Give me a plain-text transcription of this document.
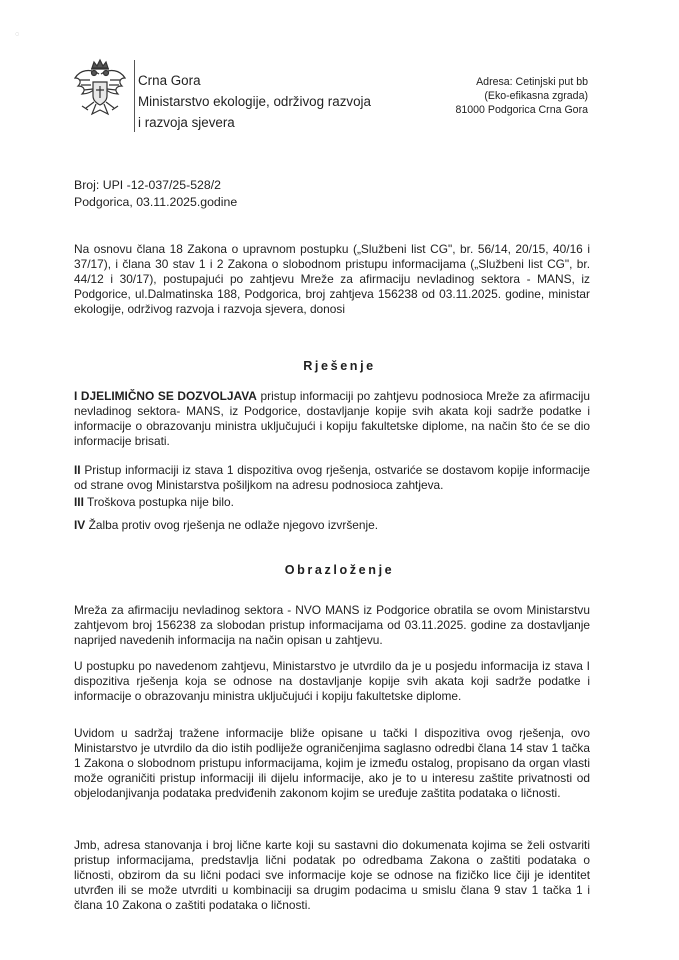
◌
Crna Gora
Ministarstvo ekologije, održivog razvoja
i razvoja sjevera
Adresa: Cetinjski put bb
(Eko-efikasna zgrada)
81000 Podgorica Crna Gora
Broj: UPI -12-037/25-528/2
Podgorica, 03.11.2025.godine
Na osnovu člana 18 Zakona o upravnom postupku („Službeni list CG", br. 56/14, 20/15, 40/16 i 37/17), i člana 30 stav 1 i 2 Zakona o slobodnom pristupu informacijama („Službeni list CG", br. 44/12 i 30/17), postupajući po zahtjevu Mreže za afirmaciju nevladinog sektora - MANS, iz Podgorice, ul.Dalmatinska 188, Podgorica, broj zahtjeva 156238 od 03.11.2025. godine, ministar ekologije, održivog razvoja i razvoja sjevera, donosi
Rješenje
I DJELIMIČNO SE DOZVOLJAVA pristup informaciji po zahtjevu podnosioca Mreže za afirmaciju nevladinog sektora- MANS, iz Podgorice, dostavljanje kopije svih akata koji sadrže podatke i informacije o obrazovanju ministra uključujući i kopiju fakultetske diplome, na način što će se dio informacije brisati.
II Pristup informaciji iz stava 1 dispozitiva ovog rješenja, ostvariće se dostavom kopije informacije od strane ovog Ministarstva pošiljkom na adresu podnosioca zahtjeva.
III Troškova postupka nije bilo.
IV Žalba protiv ovog rješenja ne odlaže njegovo izvršenje.
Obrazloženje
Mreža za afirmaciju nevladinog sektora - NVO MANS iz Podgorice obratila se ovom Ministarstvu zahtjevom broj 156238 za slobodan pristup informacijama od 03.11.2025. godine za dostavljanje naprijed navedenih informacija na način opisan u zahtjevu.
U postupku po navedenom zahtjevu, Ministarstvo je utvrdilo da je u posjedu informacija iz stava I dispozitiva rješenja koja se odnose na dostavljanje kopije svih akata koji sadrže podatke i informacije o obrazovanju ministra uključujući i kopiju fakultetske diplome.
Uvidom u sadržaj tražene informacije bliže opisane u tački I dispozitiva ovog rješenja, ovo Ministarstvo je utvrdilo da dio istih podliježe ograničenjima saglasno odredbi člana 14 stav 1 tačka 1 Zakona o slobodnom pristupu informacijama, kojim je između ostalog, propisano da organ vlasti može ograničiti pristup informaciji ili dijelu informacije, ako je to u interesu zaštite privatnosti od objelodanjivanja podataka predviđenih zakonom kojim se uređuje zaštita podataka o ličnosti.
Jmb, adresa stanovanja i broj lične karte koji su sastavni dio dokumenata kojima se želi ostvariti pristup informacijama, predstavlja lični podatak po odredbama Zakona o zaštiti podataka o ličnosti, obzirom da su lični podaci sve informacije koje se odnose na fizičko lice čiji je identitet utvrđen ili se može utvrditi u kombinaciji sa drugim podacima u smislu člana 9 stav 1 tačka 1 i člana 10 Zakona o zaštiti podataka o ličnosti.
